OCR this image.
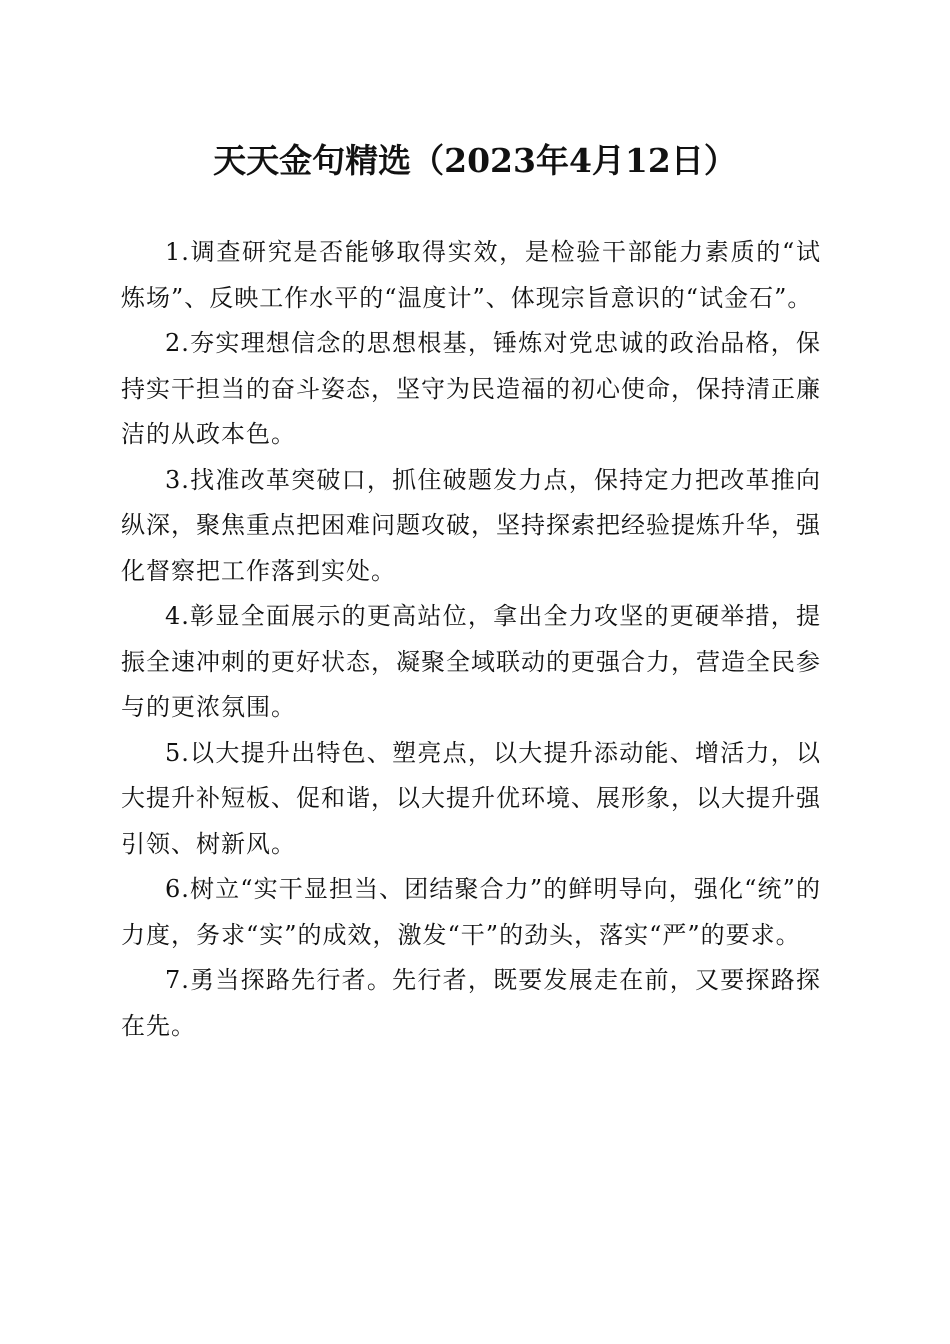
天天金句精选（2023年4月12日）

1.调查研究是否能够取得实效，是检验干部能力素质的“试炼场”、反映工作水平的“温度计”、体现宗旨意识的“试金石”。

2.夯实理想信念的思想根基，锤炼对党忠诚的政治品格，保持实干担当的奋斗姿态，坚守为民造福的初心使命，保持清正廉洁的从政本色。

3.找准改革突破口，抓住破题发力点，保持定力把改革推向纵深，聚焦重点把困难问题攻破，坚持探索把经验提炼升华，强化督察把工作落到实处。

4.彰显全面展示的更高站位，拿出全力攻坚的更硬举措，提振全速冲刺的更好状态，凝聚全域联动的更强合力，营造全民参与的更浓氛围。

5.以大提升出特色、塑亮点，以大提升添动能、增活力，以大提升补短板、促和谐，以大提升优环境、展形象，以大提升强引领、树新风。

6.树立“实干显担当、团结聚合力”的鲜明导向，强化“统”的力度，务求“实”的成效，激发“干”的劲头，落实“严”的要求。

7.勇当探路先行者。先行者，既要发展走在前，又要探路探在先。
